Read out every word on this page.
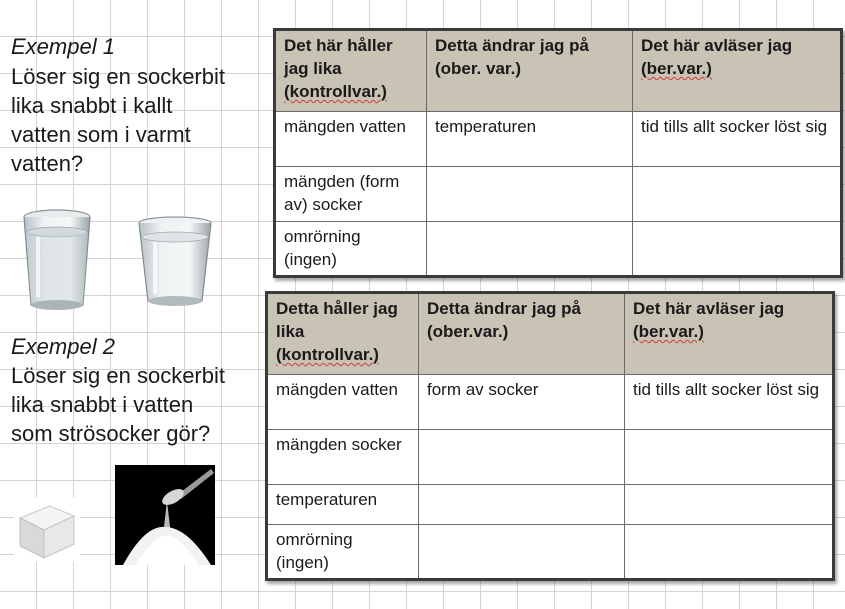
Exempel 1
Löser sig en sockerbit
lika snabbt i kallt
vatten som i varmt
vatten?
Exempel 2
Löser sig en sockerbit
lika snabbt i vatten
som strösocker gör?
Det här håller jag lika (kontrollvar.)	Detta ändrar jag på (ober. var.)	Det här avläser jag (ber.var.)
mängden vatten	temperaturen	tid tills allt socker löst sig
mängden (form av) socker		
omrörning (ingen)		
Detta håller jag lika (kontrollvar.)	Detta ändrar jag på (ober.var.)	Det här avläser jag (ber.var.)
mängden vatten	form av socker	tid tills allt socker löst sig
mängden socker		
temperaturen		
omrörning (ingen)		
